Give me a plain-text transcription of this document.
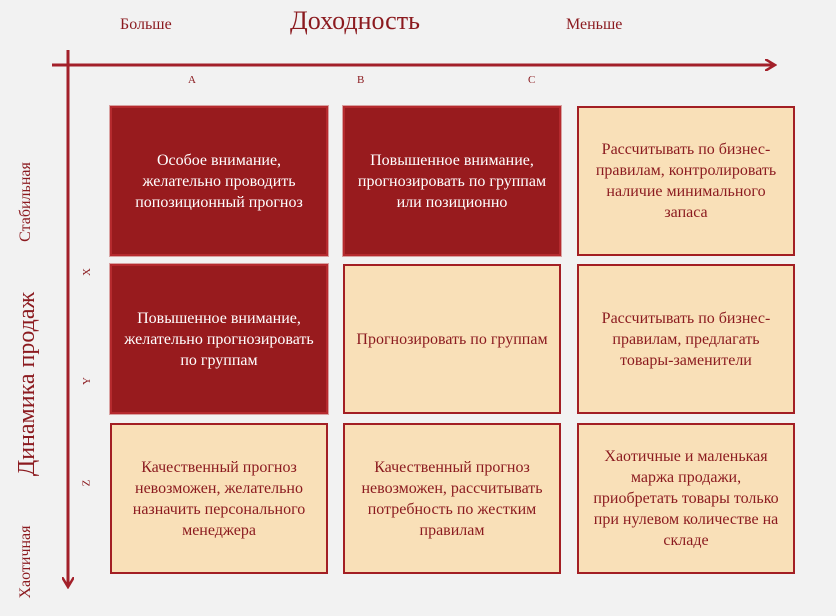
Больше	Доходность	Меньше
A	B	C
Динамика продаж
Стабильная
Хаотичная
X
Y
Z
Особое внимание, желательно проводить попозиционный прогноз
Повышенное внимание, прогнозировать по группам или позиционно
Рассчитывать по бизнес-правилам, контролировать наличие минимального запаса
Повышенное внимание, желательно прогнозировать по группам
Прогнозировать по группам
Рассчитывать по бизнес-правилам, предлагать товары-заменители
Качественный прогноз невозможен, желательно назначить персонального менеджера
Качественный прогноз невозможен, рассчитывать потребность по жестким правилам
Хаотичные и маленькая маржа продажи, приобретать товары только при нулевом количестве на складе
